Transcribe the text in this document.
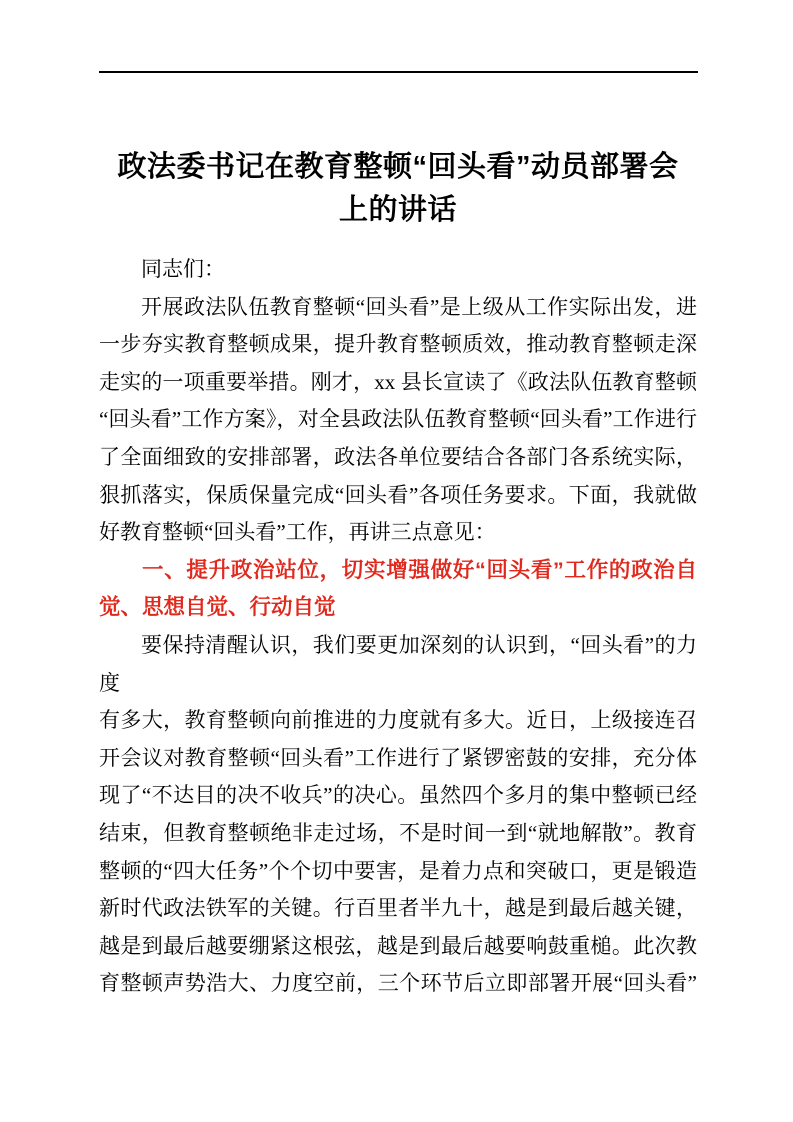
政法委书记在教育整顿“回头看”动员部署会
上的讲话
同志们：
开展政法队伍教育整顿“回头看”是上级从工作实际出发，进
一步夯实教育整顿成果，提升教育整顿质效，推动教育整顿走深
走实的一项重要举措。刚才，xx 县长宣读了《政法队伍教育整顿
“回头看”工作方案》，对全县政法队伍教育整顿“回头看”工作进行
了全面细致的安排部署，政法各单位要结合各部门各系统实际，
狠抓落实，保质保量完成“回头看”各项任务要求。下面，我就做
好教育整顿“回头看”工作，再讲三点意见：
一、提升政治站位，切实增强做好“回头看”工作的政治自
觉、思想自觉、行动自觉
要保持清醒认识，我们要更加深刻的认识到，“回头看”的力度
有多大，教育整顿向前推进的力度就有多大。近日，上级接连召
开会议对教育整顿“回头看”工作进行了紧锣密鼓的安排，充分体
现了“不达目的决不收兵”的决心。虽然四个多月的集中整顿已经
结束，但教育整顿绝非走过场，不是时间一到“就地解散”。教育
整顿的“四大任务”个个切中要害，是着力点和突破口，更是锻造
新时代政法铁军的关键。行百里者半九十，越是到最后越关键，
越是到最后越要绷紧这根弦，越是到最后越要响鼓重槌。此次教
育整顿声势浩大、力度空前，三个环节后立即部署开展“回头看”
